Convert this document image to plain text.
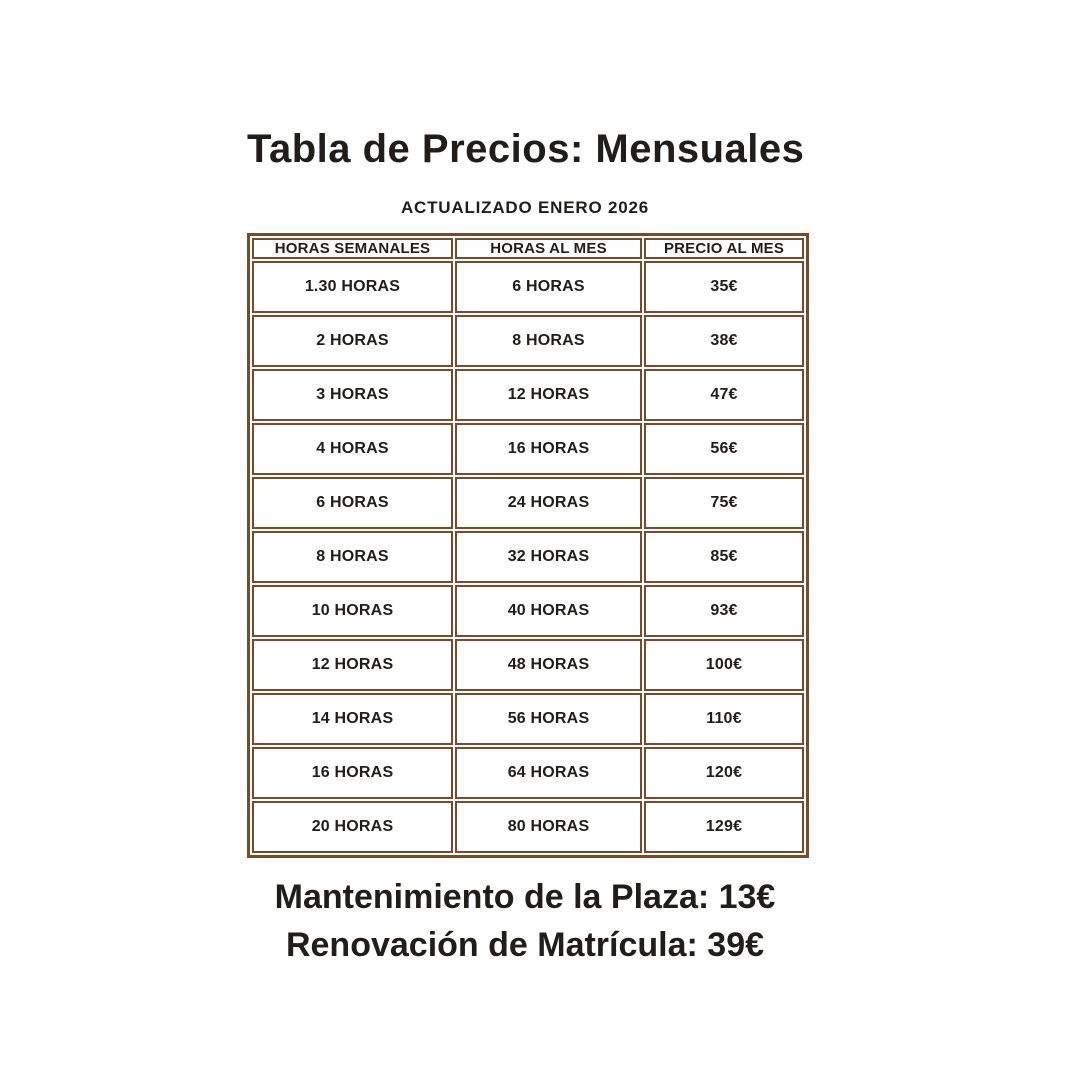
Tabla de Precios: Mensuales
ACTUALIZADO ENERO 2026
HORAS SEMANALES	HORAS AL MES	PRECIO AL MES
1.30 HORAS	6 HORAS	35€
2 HORAS	8 HORAS	38€
3 HORAS	12 HORAS	47€
4 HORAS	16 HORAS	56€
6 HORAS	24 HORAS	75€
8 HORAS	32 HORAS	85€
10 HORAS	40 HORAS	93€
12 HORAS	48 HORAS	100€
14 HORAS	56 HORAS	110€
16 HORAS	64 HORAS	120€
20 HORAS	80 HORAS	129€
Mantenimiento de la Plaza: 13€
Renovación de Matrícula: 39€
